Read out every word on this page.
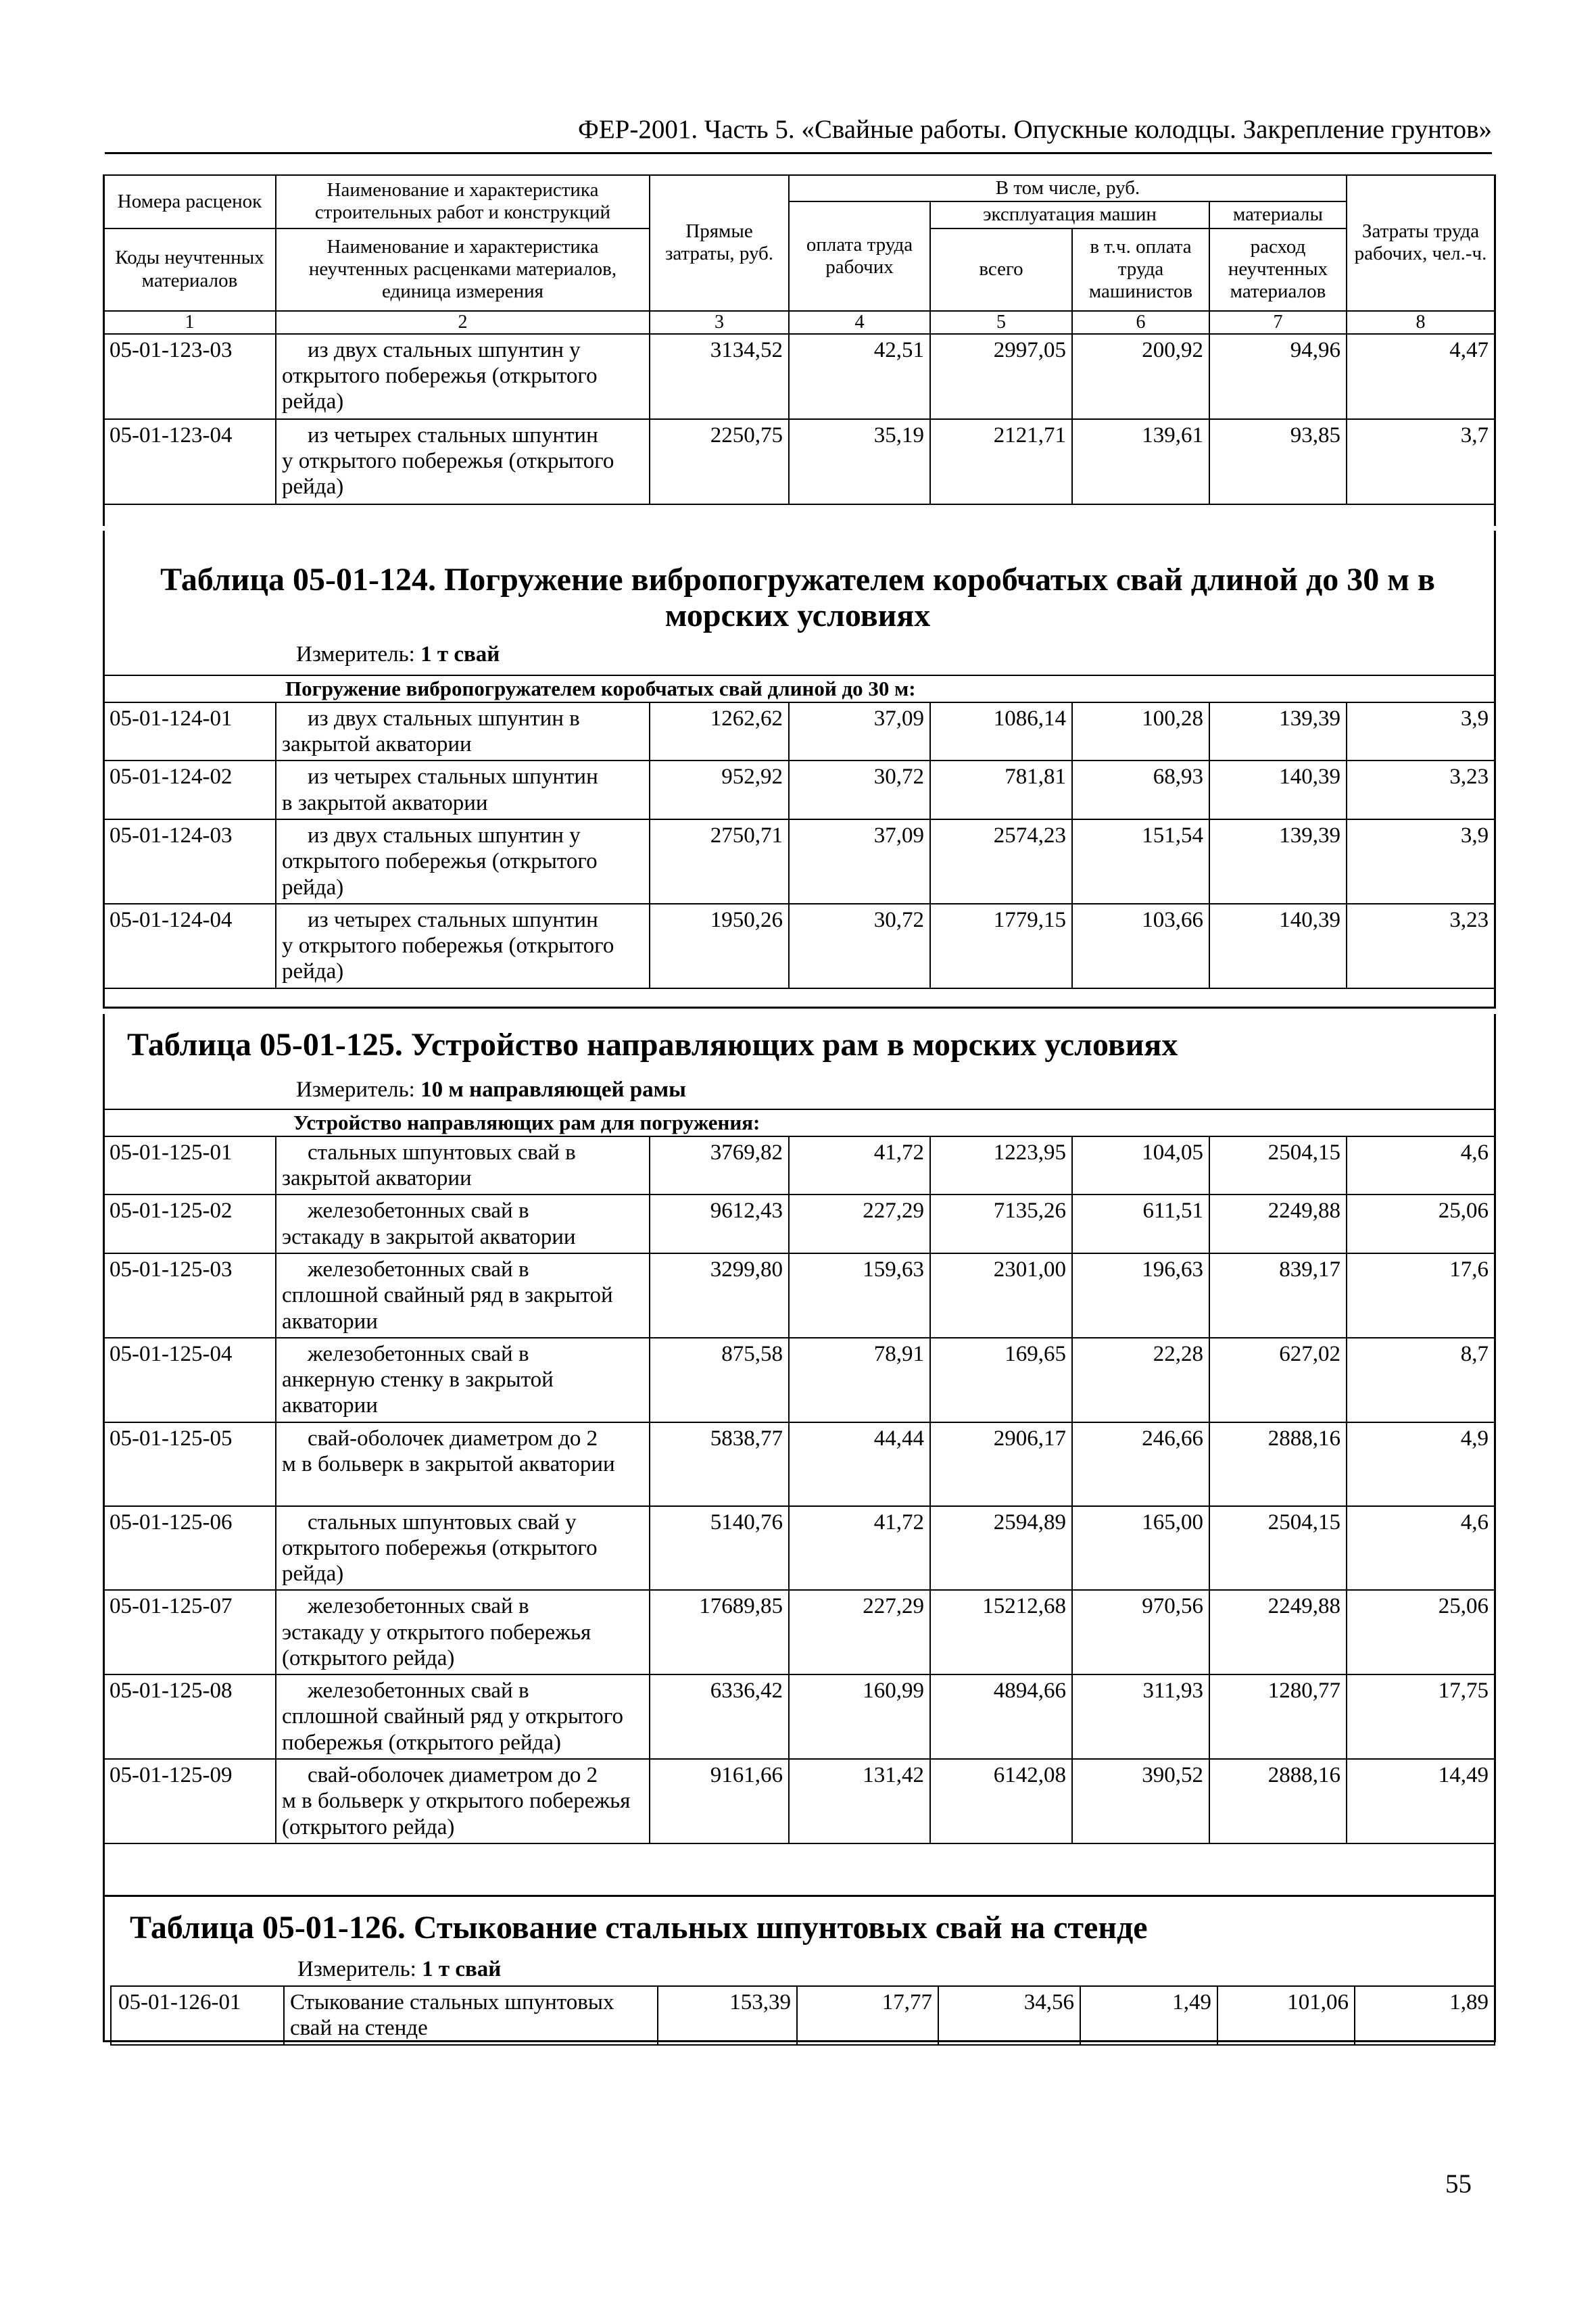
ФЕР-2001. Часть 5. «Свайные работы. Опускные колодцы. Закрепление грунтов»
Номера расценок	Наименование и характеристика строительных работ и конструкций	Прямые затраты, руб.	В том числе, руб.				Затраты труда рабочих, чел.-ч.
			оплата труда рабочих	эксплуатация машин		материалы	
Коды неучтенных материалов	Наименование и характеристика неучтенных расценками материалов, единица измерения			всего	в т.ч. оплата труда машинистов	расход неучтенных материалов	

1	2	3	4	5	6	7	8
05-01-123-03	из двух стальных шпунтин у
открытого побережья (открытого рейда)	3134,52	42,51	2997,05	200,92	94,96	4,47
05-01-123-04	из четырех стальных шпунтин
у открытого побережья (открытого рейда)	2250,75	35,19	2121,71	139,61	93,85	3,7
Таблица 05-01-124. Погружение вибропогружателем коробчатых свай длиной до 30 м в морских условиях
Измеритель: 1 т свай
Погружение вибропогружателем коробчатых свай длиной до 30 м:							
05-01-124-01	из двух стальных шпунтин в
закрытой акватории	1262,62	37,09	1086,14	100,28	139,39	3,9
05-01-124-02	из четырех стальных шпунтин
в закрытой акватории	952,92	30,72	781,81	68,93	140,39	3,23
05-01-124-03	из двух стальных шпунтин у
открытого побережья (открытого рейда)	2750,71	37,09	2574,23	151,54	139,39	3,9
05-01-124-04	из четырех стальных шпунтин
у открытого побережья (открытого рейда)	1950,26	30,72	1779,15	103,66	140,39	3,23
Таблица 05-01-125. Устройство направляющих рам в морских условиях
Измеритель: 10 м направляющей рамы
Устройство направляющих рам для погружения:							
05-01-125-01	стальных шпунтовых свай в
закрытой акватории	3769,82	41,72	1223,95	104,05	2504,15	4,6
05-01-125-02	железобетонных свай в
эстакаду в закрытой акватории	9612,43	227,29	7135,26	611,51	2249,88	25,06
05-01-125-03	железобетонных свай в
сплошной свайный ряд в закрытой акватории	3299,80	159,63	2301,00	196,63	839,17	17,6
05-01-125-04	железобетонных свай в
анкерную стенку в закрытой акватории	875,58	78,91	169,65	22,28	627,02	8,7
05-01-125-05	свай-оболочек диаметром до 2
м в больверк в закрытой акватории	5838,77	44,44	2906,17	246,66	2888,16	4,9
05-01-125-06	стальных шпунтовых свай у
открытого побережья (открытого рейда)	5140,76	41,72	2594,89	165,00	2504,15	4,6
05-01-125-07	железобетонных свай в
эстакаду у открытого побережья (открытого рейда)	17689,85	227,29	15212,68	970,56	2249,88	25,06
05-01-125-08	железобетонных свай в
сплошной свайный ряд у открытого побережья (открытого рейда)	6336,42	160,99	4894,66	311,93	1280,77	17,75
05-01-125-09	свай-оболочек диаметром до 2
м в больверк у открытого побережья (открытого рейда)	9161,66	131,42	6142,08	390,52	2888,16	14,49
Таблица 05-01-126. Стыкование стальных шпунтовых свай на стенде
Измеритель: 1 т свай
05-01-126-01	Стыкование стальных шпунтовых свай на стенде	153,39	17,77	34,56	1,49	101,06	1,89
55
